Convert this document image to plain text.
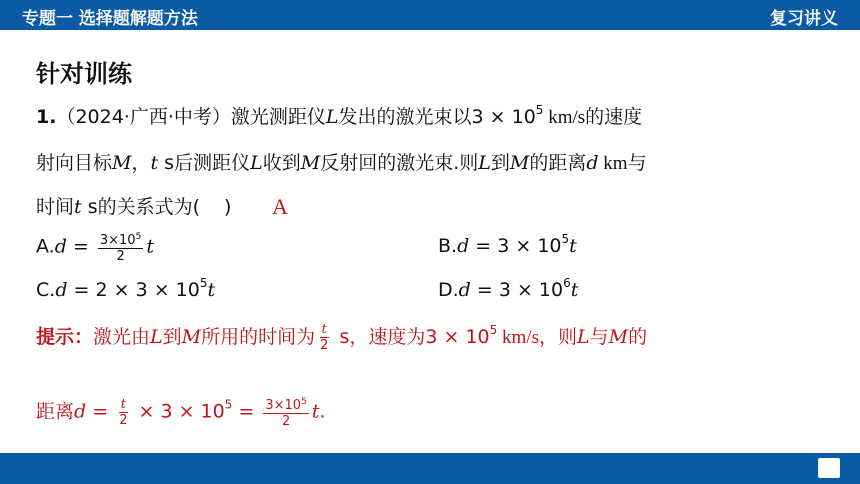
专题一 选择题解题方法	复习讲义
针对训练
1.（2024·广西·中考）激光测距仪L发出的激光束以$3 \times 10^5$ km/s的速度
射向目标M，t s后测距仪L收到M反射回的激光束.则L到M的距离d km与
时间t s的关系式为( ) A
$A.d = \frac{3\times 10^5}{2}$ t	$B.d = 3 \times 10^5t$
$C.d = 2 \times 3 \times 10^5t$	$D.d = 3 \times 10^6t$
提示：激光由L到M所用的时间为 $\frac{t}{2}$ s，速度为$3 \times 10^5$ km/s，则L与M的
距离$d = \frac{t}{2} \times 3 \times 10^5 = \frac{3\times 10^5}{2} t$.
4
